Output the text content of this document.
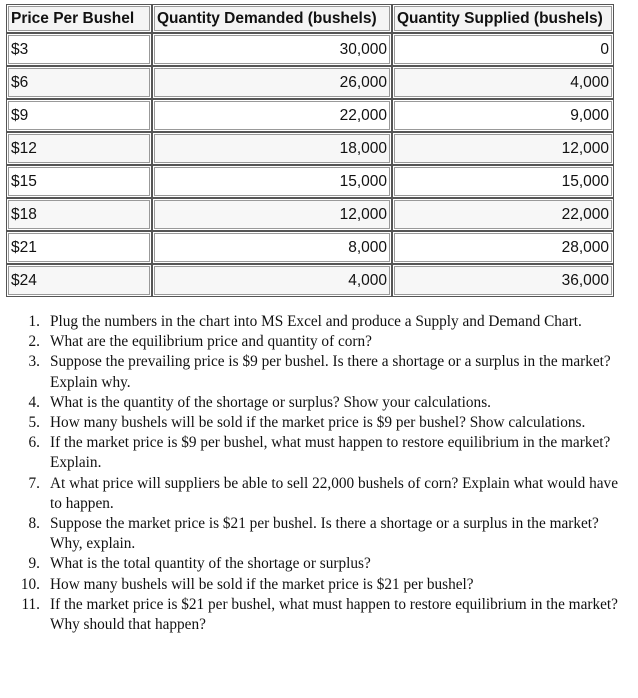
Price Per Bushel	Quantity Demanded (bushels)	Quantity Supplied (bushels)
$3	30,000	0
$6	26,000	4,000
$9	22,000	9,000
$12	18,000	12,000
$15	15,000	15,000
$18	12,000	22,000
$21	8,000	28,000
$24	4,000	36,000
1. Plug the numbers in the chart into MS Excel and produce a Supply and Demand Chart.
2. What are the equilibrium price and quantity of corn?
3. Suppose the prevailing price is $9 per bushel. Is there a shortage or a surplus in the market? Explain why.
4. What is the quantity of the shortage or surplus? Show your calculations.
5. How many bushels will be sold if the market price is $9 per bushel? Show calculations.
6. If the market price is $9 per bushel, what must happen to restore equilibrium in the market? Explain.
7. At what price will suppliers be able to sell 22,000 bushels of corn? Explain what would have to happen.
8. Suppose the market price is $21 per bushel. Is there a shortage or a surplus in the market? Why, explain.
9. What is the total quantity of the shortage or surplus?
10. How many bushels will be sold if the market price is $21 per bushel?
11. If the market price is $21 per bushel, what must happen to restore equilibrium in the market? Why should that happen?
